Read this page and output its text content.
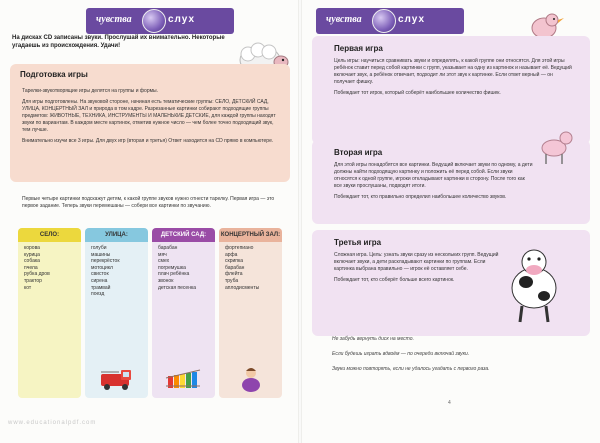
чувства	слух
На дисках CD записаны звуки. Прослушай их внимательно. Некоторые угадаешь из происхождения. Удачи!
Подготовка игры

Тарелки-звукотворящие игры делятся на группы и формы.

Для игры подготовлены. На звуковой стороне, начиная есть тематические группы: СЕЛО, ДЕТСКИЙ САД, УЛИЦА, КОНЦЕРТНЫЙ ЗАЛ и природа в том кадре. Разрезанные картинки собирают подходящие группы предметов: ЖИВОТНЫЕ, ТЕХНИКА, ИНСТРУМЕНТЫ И МАЛЕНЬКИЕ ДЕТСКИЕ, для каждой группы находят звуки по вариантам. В каждом месте картинок, отметив нужное число — чем более точно подходящий звук, тем лучше.

Внимательно изучи все 3 игры. Для двух игр (вторая и третья) Ответ находится на CD прямо в компьютере.

Первые четыре картинки подскажут детям, к какой группе звуков нужно отнести тарелку. Первая игра — это первое задание. Теперь звуки перемешаны — собери все картинки по звучанию.
СЕЛО:
корова
курица
собака
пчела
рубка дров
трактор
кот
УЛИЦА:
голуби
машины
перекрёсток
мотоцикл
свисток
сирена
трамвай
поезд
ДЕТСКИЙ САД:
барабан
мяч
смех
погремушка
плач ребёнка
звонок
детская песенка
КОНЦЕРТНЫЙ ЗАЛ:
фортепиано
арфа
скрипка
барабан
флейта
труба
аплодисменты
www.educationalpdf.com
чувства	слух
Первая игра

Цель игры: научиться сравнивать звуки и определять, к какой группе они относятся. Для этой игры ребёнок ставит перед собой картинки с групп, указывает на одну из картинок и называет её. Ведущий включает звук, а ребёнок отвечает, подходит ли этот звук к картинке. Если ответ верный — он получает фишку.

Побеждает тот игрок, который соберёт наибольшее количество фишек.

Вторая игра

Для этой игры понадобятся все картинки. Ведущий включает звуки по одному, а дети должны найти подходящую картинку и положить её перед собой. Если звуки относятся к одной группе, игроки откладывают картинки в сторону. После того как все звуки прослушаны, подводят итоги.

Побеждает тот, кто правильно определил наибольшее количество звуков.

Третья игра

Сложная игра. Цель: узнать звуки сразу из нескольких групп. Ведущий включает звуки, а дети раскладывают картинки по группам. Если картинка выбрана правильно — игрок её оставляет себе.

Побеждает тот, кто соберёт больше всего картинок.

Не забудь вернуть диск на место.

Если будешь играть вдвоём — по очереди включай звуки.

Звуки можно повторять, если не удалось угадать с первого раза.

4
